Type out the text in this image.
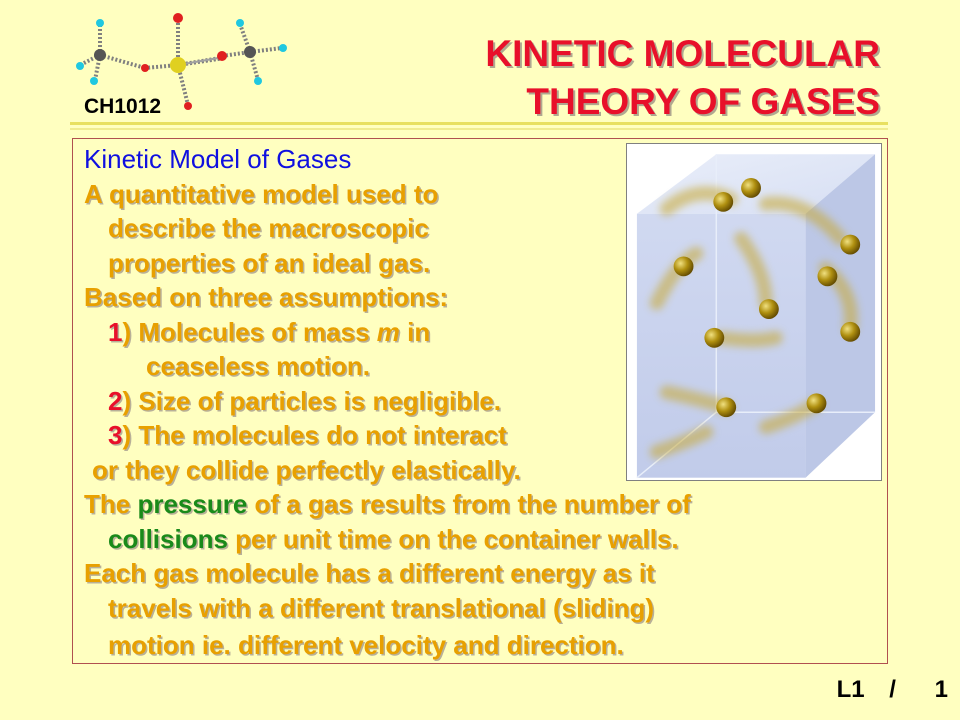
CH1012
KINETIC MOLECULAR
THEORY OF GASES
Kinetic Model of Gases
A quantitative model used to
describe the macroscopic
properties of an ideal gas.
Based on three assumptions:
1) Molecules of mass m in
ceaseless motion.
2) Size of particles is negligible.
3) The molecules do not interact
or they collide perfectly elastically.
The pressure of a gas results from the number of
collisions per unit time on the container walls.
Each gas molecule has a different energy as it
travels with a different translational (sliding)
motion ie. different velocity and direction.
L1 / 1
